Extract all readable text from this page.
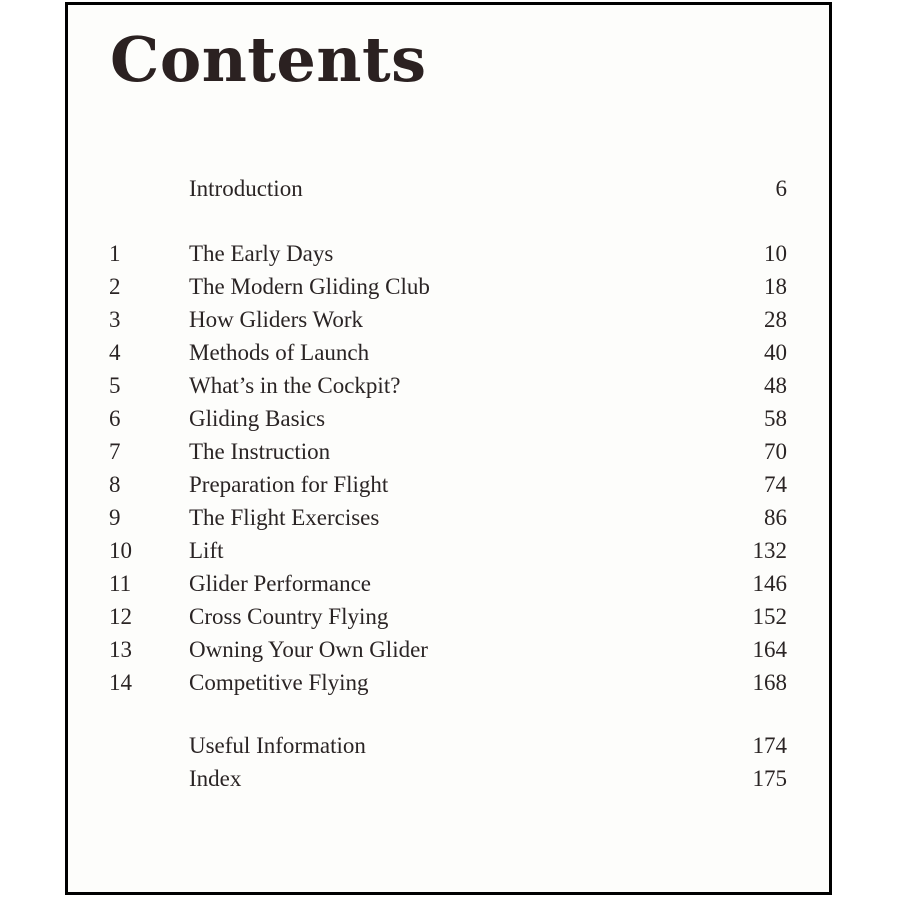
Contents
Introduction	6
1	The Early Days	10
2	The Modern Gliding Club	18
3	How Gliders Work	28
4	Methods of Launch	40
5	What’s in the Cockpit?	48
6	Gliding Basics	58
7	The Instruction	70
8	Preparation for Flight	74
9	The Flight Exercises	86
10 Lift	132
11	Glider Performance	146
12 Cross Country Flying	152
13 Owning Your Own Glider	164
14 Competitive Flying	168
Useful Information	174
Index	175
